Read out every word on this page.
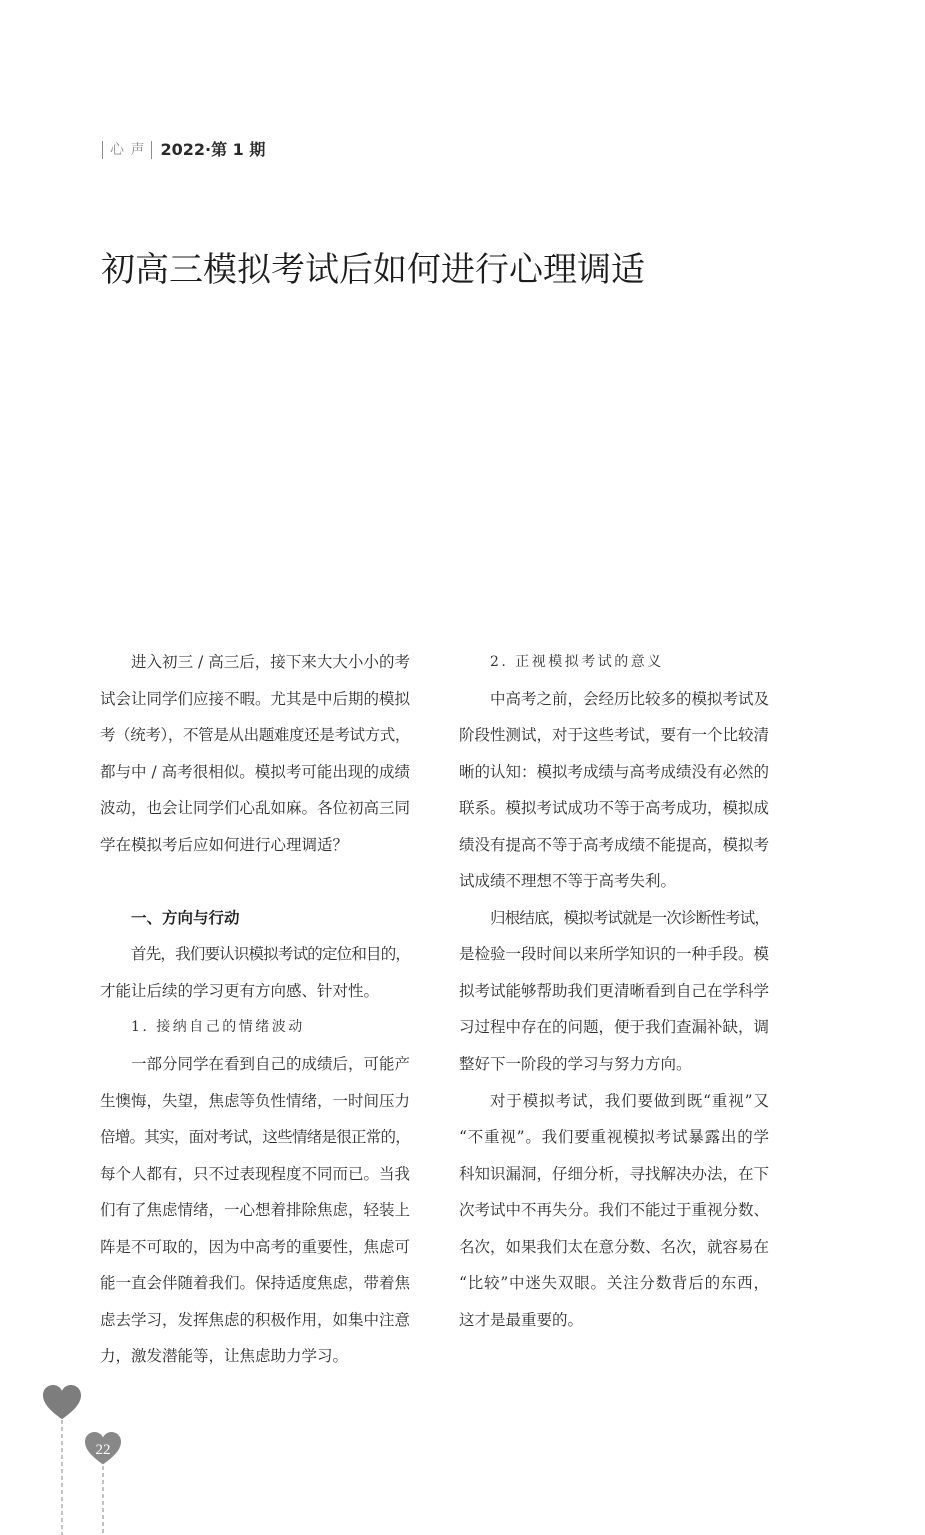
心 声 2022·第 1 期
初高三模拟考试后如何进行心理调适
进入初三 / 高三后，接下来大大小小的考
试会让同学们应接不暇。尤其是中后期的模拟
考（统考），不管是从出题难度还是考试方式，
都与中 / 高考很相似。模拟考可能出现的成绩
波动，也会让同学们心乱如麻。各位初高三同
学在模拟考后应如何进行心理调适？
一、方向与行动
首先，我们要认识模拟考试的定位和目的，
才能让后续的学习更有方向感、针对性。
1. 接纳自己的情绪波动
一部分同学在看到自己的成绩后，可能产
生懊悔，失望，焦虑等负性情绪，一时间压力
倍增。其实，面对考试，这些情绪是很正常的，
每个人都有，只不过表现程度不同而已。当我
们有了焦虑情绪，一心想着排除焦虑，轻装上
阵是不可取的，因为中高考的重要性，焦虑可
能一直会伴随着我们。保持适度焦虑，带着焦
虑去学习，发挥焦虑的积极作用，如集中注意
力，激发潜能等，让焦虑助力学习。
2. 正视模拟考试的意义
中高考之前，会经历比较多的模拟考试及
阶段性测试，对于这些考试，要有一个比较清
晰的认知：模拟考成绩与高考成绩没有必然的
联系。模拟考试成功不等于高考成功，模拟成
绩没有提高不等于高考成绩不能提高，模拟考
试成绩不理想不等于高考失利。
归根结底，模拟考试就是一次诊断性考试，
是检验一段时间以来所学知识的一种手段。模
拟考试能够帮助我们更清晰看到自己在学科学
习过程中存在的问题，便于我们查漏补缺，调
整好下一阶段的学习与努力方向。
对于模拟考试，我们要做到既“重视”又
“不重视”。我们要重视模拟考试暴露出的学
科知识漏洞，仔细分析，寻找解决办法，在下
次考试中不再失分。我们不能过于重视分数、
名次，如果我们太在意分数、名次，就容易在
“比较”中迷失双眼。关注分数背后的东西，
这才是最重要的。
22
